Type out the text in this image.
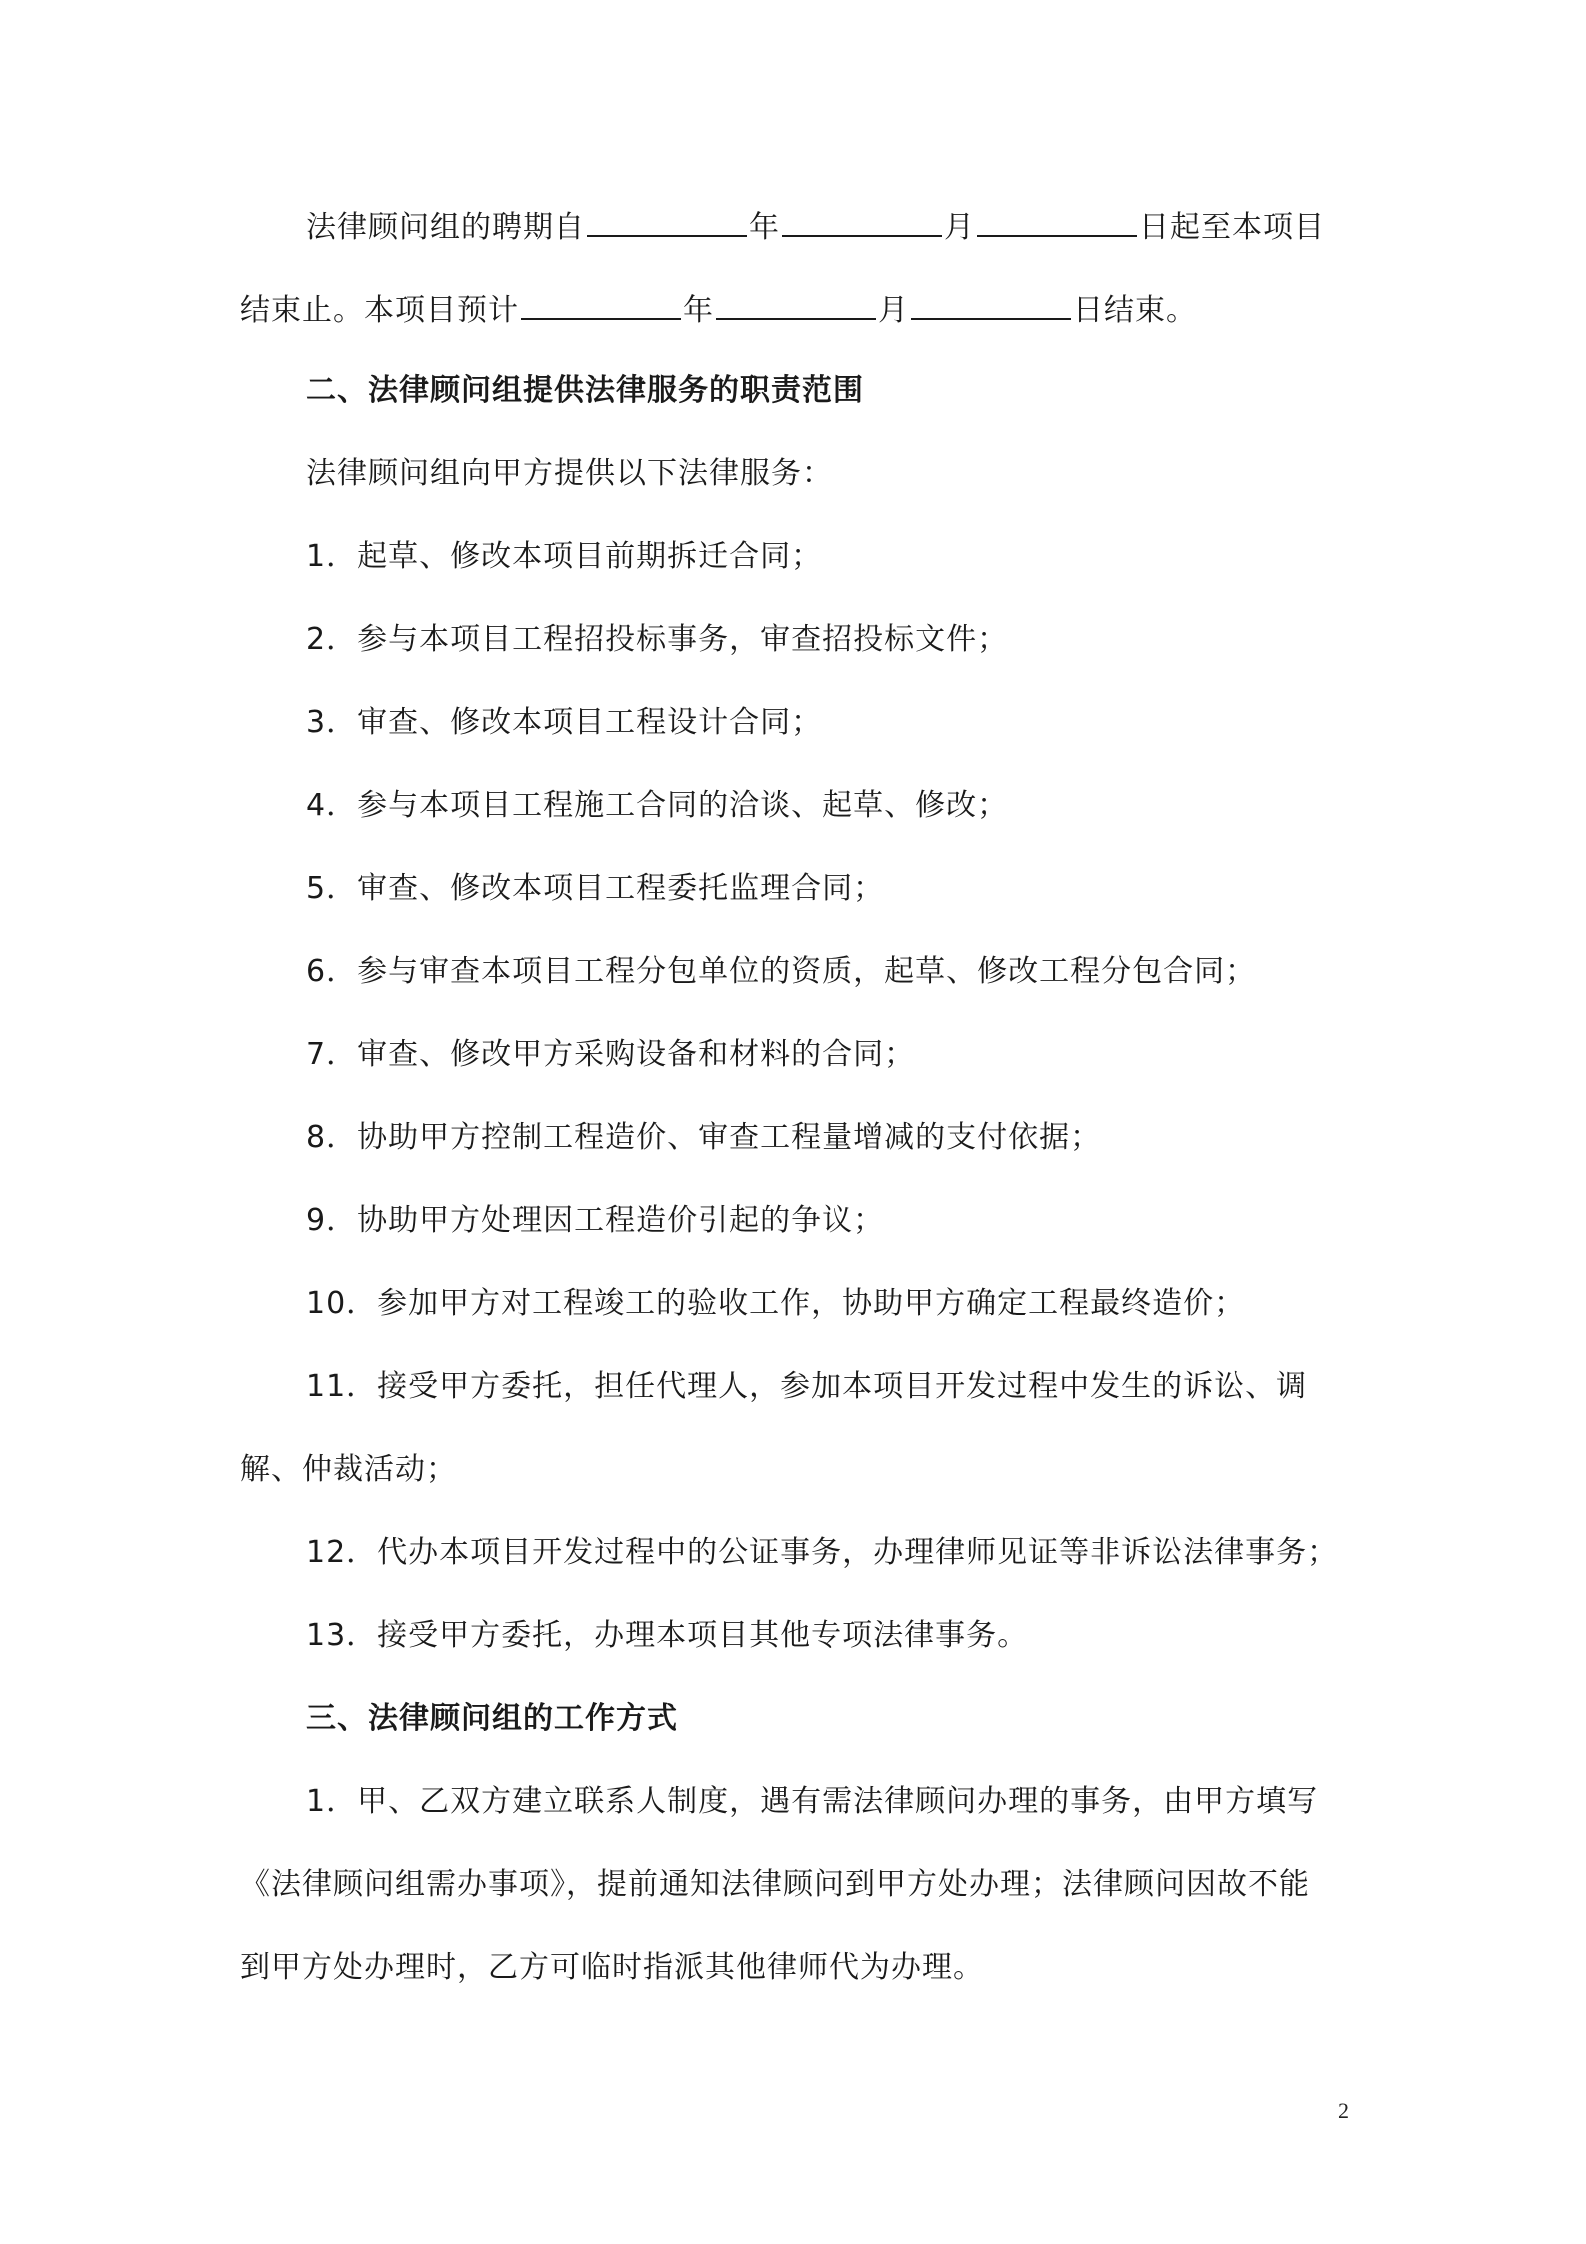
法律顾问组的聘期自	年	月	日起至本项目
结束止。本项目预计	年	月	日结束。
二、法律顾问组提供法律服务的职责范围
法律顾问组向甲方提供以下法律服务：
1．起草、修改本项目前期拆迁合同；
2．参与本项目工程招投标事务，审查招投标文件；
3．审查、修改本项目工程设计合同；
4．参与本项目工程施工合同的洽谈、起草、修改；
5．审查、修改本项目工程委托监理合同；
6．参与审查本项目工程分包单位的资质，起草、修改工程分包合同；
7．审查、修改甲方采购设备和材料的合同；
8．协助甲方控制工程造价、审查工程量增减的支付依据；
9．协助甲方处理因工程造价引起的争议；
10．参加甲方对工程竣工的验收工作，协助甲方确定工程最终造价；
11．接受甲方委托，担任代理人，参加本项目开发过程中发生的诉讼、调
解、仲裁活动；
12．代办本项目开发过程中的公证事务，办理律师见证等非诉讼法律事务；
13．接受甲方委托，办理本项目其他专项法律事务。
三、法律顾问组的工作方式
1．甲、乙双方建立联系人制度，遇有需法律顾问办理的事务，由甲方填写
《法律顾问组需办事项》，提前通知法律顾问到甲方处办理；法律顾问因故不能
到甲方处办理时，乙方可临时指派其他律师代为办理。
2
